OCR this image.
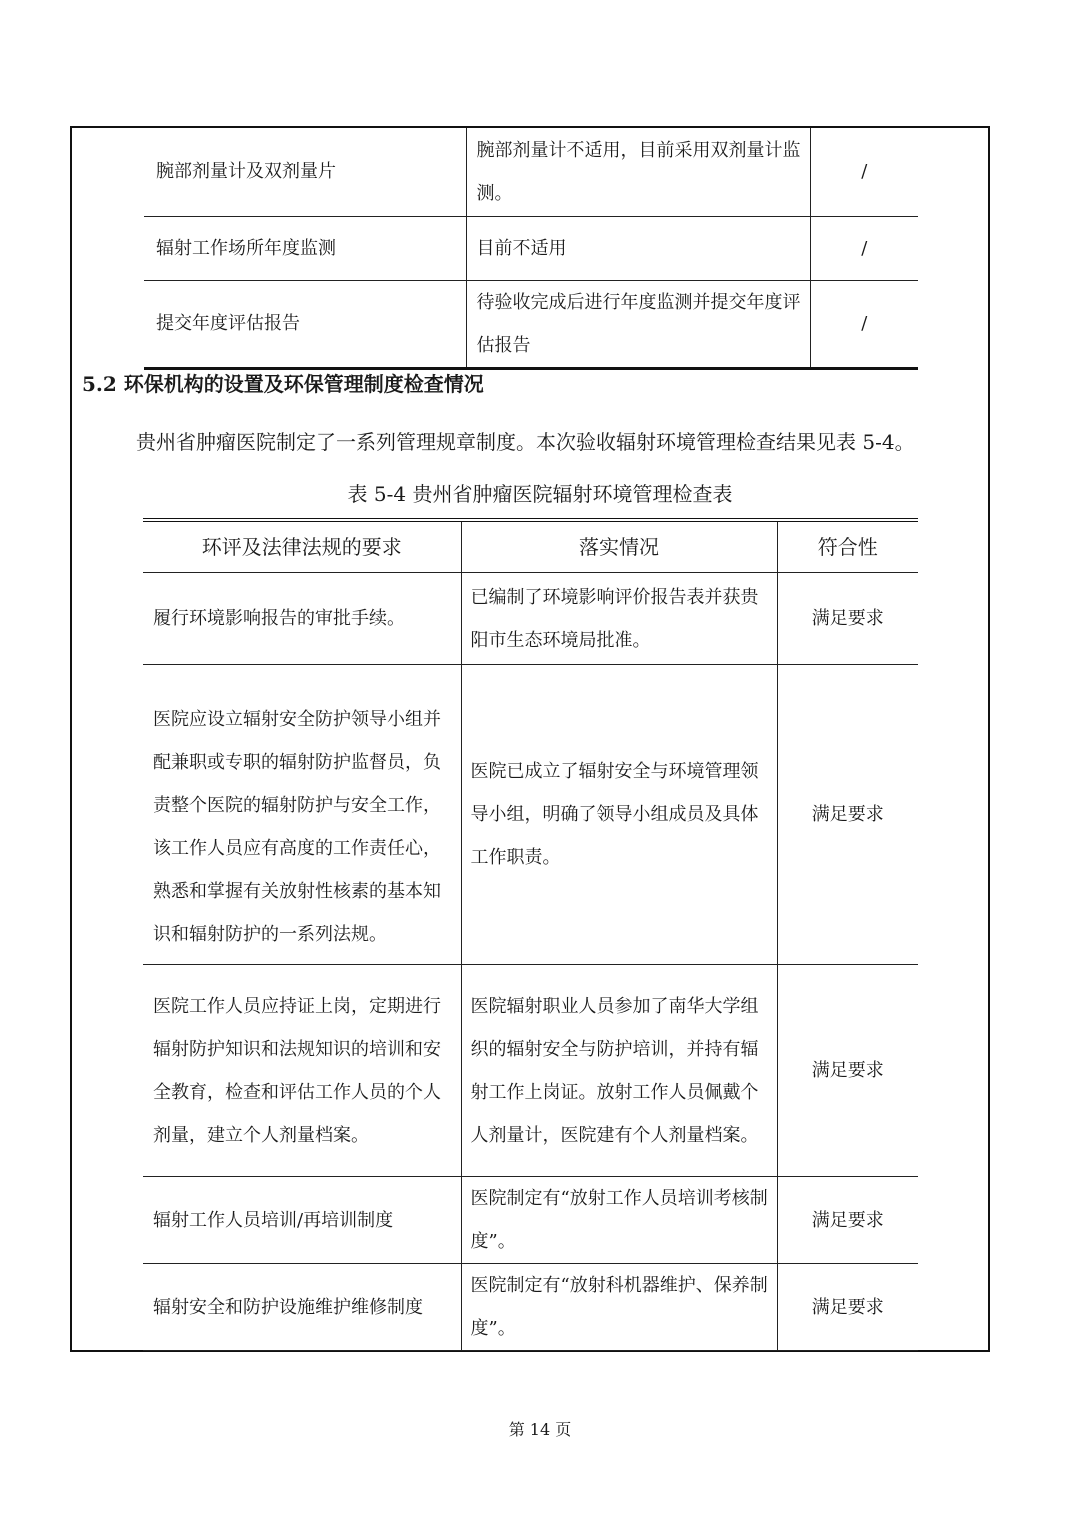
腕部剂量计及双剂量片	腕部剂量计不适用，目前采用双剂量计监测。	/
辐射工作场所年度监测	目前不适用	/
提交年度评估报告	待验收完成后进行年度监测并提交年度评估报告	/
5.2 环保机构的设置及环保管理制度检查情况
贵州省肿瘤医院制定了一系列管理规章制度。本次验收辐射环境管理检查结果见表 5-4。
表 5-4 贵州省肿瘤医院辐射环境管理检查表
环评及法律法规的要求	落实情况	符合性
履行环境影响报告的审批手续。	已编制了环境影响评价报告表并获贵阳市生态环境局批准。	满足要求
医院应设立辐射安全防护领导小组并配兼职或专职的辐射防护监督员，负责整个医院的辐射防护与安全工作，该工作人员应有高度的工作责任心，熟悉和掌握有关放射性核素的基本知识和辐射防护的一系列法规。	医院已成立了辐射安全与环境管理领导小组，明确了领导小组成员及具体工作职责。	满足要求
医院工作人员应持证上岗，定期进行辐射防护知识和法规知识的培训和安全教育，检查和评估工作人员的个人剂量，建立个人剂量档案。	医院辐射职业人员参加了南华大学组织的辐射安全与防护培训，并持有辐射工作上岗证。放射工作人员佩戴个人剂量计，医院建有个人剂量档案。	满足要求
辐射工作人员培训/再培训制度	医院制定有“放射工作人员培训考核制度”。	满足要求
辐射安全和防护设施维护维修制度	医院制定有“放射科机器维护、保养制度”。	满足要求
第 14 页
